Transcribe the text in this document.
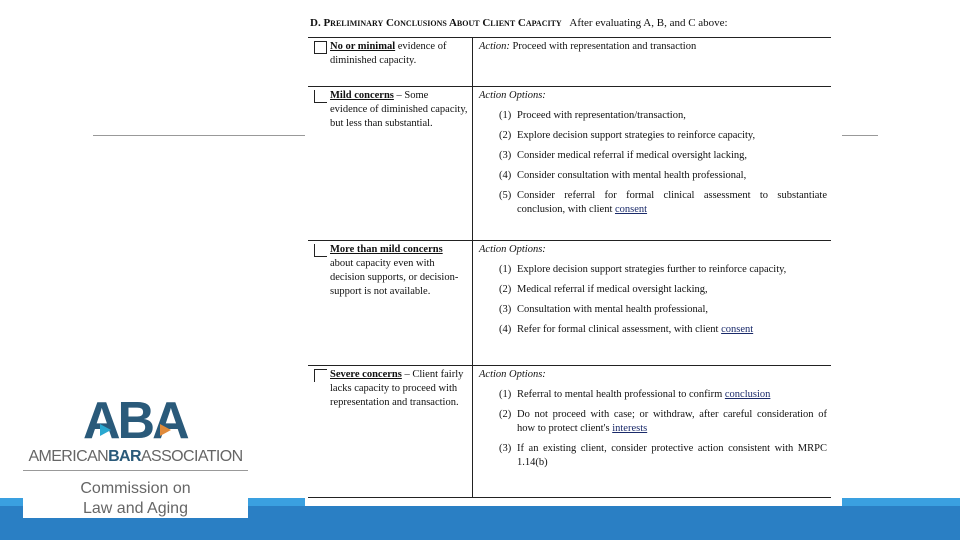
D. Preliminary Conclusions About Client Capacity After evaluating A, B, and C above:
No or minimal evidence of diminished capacity.
Action: Proceed with representation and transaction
Mild concerns – Some evidence of diminished capacity, but less than substantial.
Action Options:
(1) Proceed with representation/transaction,
(2) Explore decision support strategies to reinforce capacity,
(3) Consider medical referral if medical oversight lacking,
(4) Consider consultation with mental health professional,
(5) Consider referral for formal clinical assessment to substantiate conclusion, with client consent
More than mild concerns about capacity even with decision supports, or decision-support is not available.
Action Options:
(1) Explore decision support strategies further to reinforce capacity,
(2) Medical referral if medical oversight lacking,
(3) Consultation with mental health professional,
(4) Refer for formal clinical assessment, with client consent
Severe concerns – Client fairly lacks capacity to proceed with representation and transaction.
Action Options:
(1) Referral to mental health professional to confirm conclusion
(2) Do not proceed with case; or withdraw, after careful consideration of how to protect client's interests
(3) If an existing client, consider protective action consistent with MRPC 1.14(b)
ABA
AMERICANBARASSOCIATION
Commission on
Law and Aging
